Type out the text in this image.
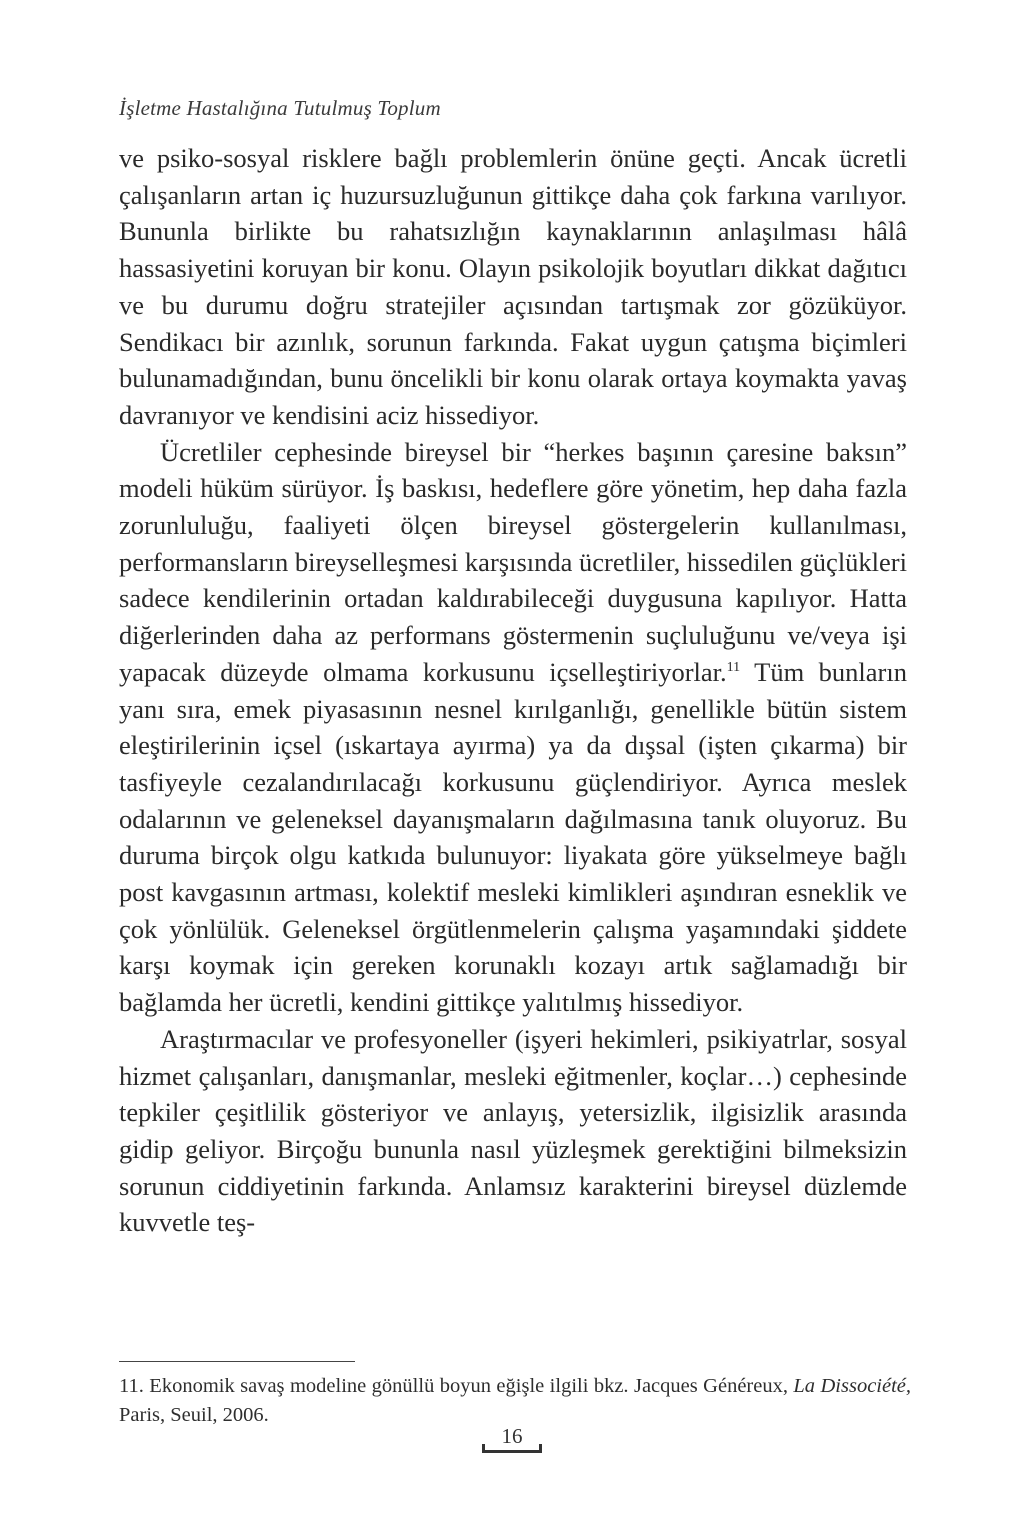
İşletme Hastalığına Tutulmuş Toplum

ve psiko-sosyal risklere bağlı problemlerin önüne geçti. Ancak ücretli çalışanların artan iç huzursuzluğunun gittikçe daha çok farkına varılıyor. Bununla birlikte bu rahatsızlığın kaynaklarının anlaşılması hâlâ hassasiyetini koruyan bir konu. Olayın psikolojik boyutları dikkat dağıtıcı ve bu durumu doğru stratejiler açısından tartışmak zor gözüküyor. Sendikacı bir azınlık, sorunun farkında. Fakat uygun çatışma biçimleri bulunamadığından, bunu öncelikli bir konu olarak ortaya koymakta yavaş davranıyor ve kendisini aciz hissediyor.

Ücretliler cephesinde bireysel bir “herkes başının çaresine baksın” modeli hüküm sürüyor. İş baskısı, hedeflere göre yönetim, hep daha fazla zorunluluğu, faaliyeti ölçen bireysel göstergelerin kullanılması, performansların bireyselleşmesi karşısında ücretliler, hissedilen güçlükleri sadece kendilerinin ortadan kaldırabileceği duygusuna kapılıyor. Hatta diğerlerinden daha az performans göstermenin suçluluğunu ve/veya işi yapacak düzeyde olmama korkusunu içselleştiriyorlar.$^{11}$ Tüm bunların yanı sıra, emek piyasasının nesnel kırılganlığı, genellikle bütün sistem eleştirilerinin içsel (ıskartaya ayırma) ya da dışsal (işten çıkarma) bir tasfiyeyle cezalandırılacağı korkusunu güçlendiriyor. Ayrıca meslek odalarının ve geleneksel dayanışmaların dağılmasına tanık oluyoruz. Bu duruma birçok olgu katkıda bulunuyor: liyakata göre yükselmeye bağlı post kavgasının artması, kolektif mesleki kimlikleri aşındıran esneklik ve çok yönlülük. Geleneksel örgütlenmelerin çalışma yaşamındaki şiddete karşı koymak için gereken korunaklı kozayı artık sağlamadığı bir bağlamda her ücretli, kendini gittikçe yalıtılmış hissediyor.

Araştırmacılar ve profesyoneller (işyeri hekimleri, psikiyatrlar, sosyal hizmet çalışanları, danışmanlar, mesleki eğitmenler, koçlar…) cephesinde tepkiler çeşitlilik gösteriyor ve anlayış, yetersizlik, ilgisizlik arasında gidip geliyor. Birçoğu bununla nasıl yüzleşmek gerektiğini bilmeksizin sorunun ciddiyetinin farkında. Anlamsız karakterini bireysel düzlemde kuvvetle teş-

11. Ekonomik savaş modeline gönüllü boyun eğişle ilgili bkz. Jacques Généreux, La Dissociété, Paris, Seuil, 2006.
16
